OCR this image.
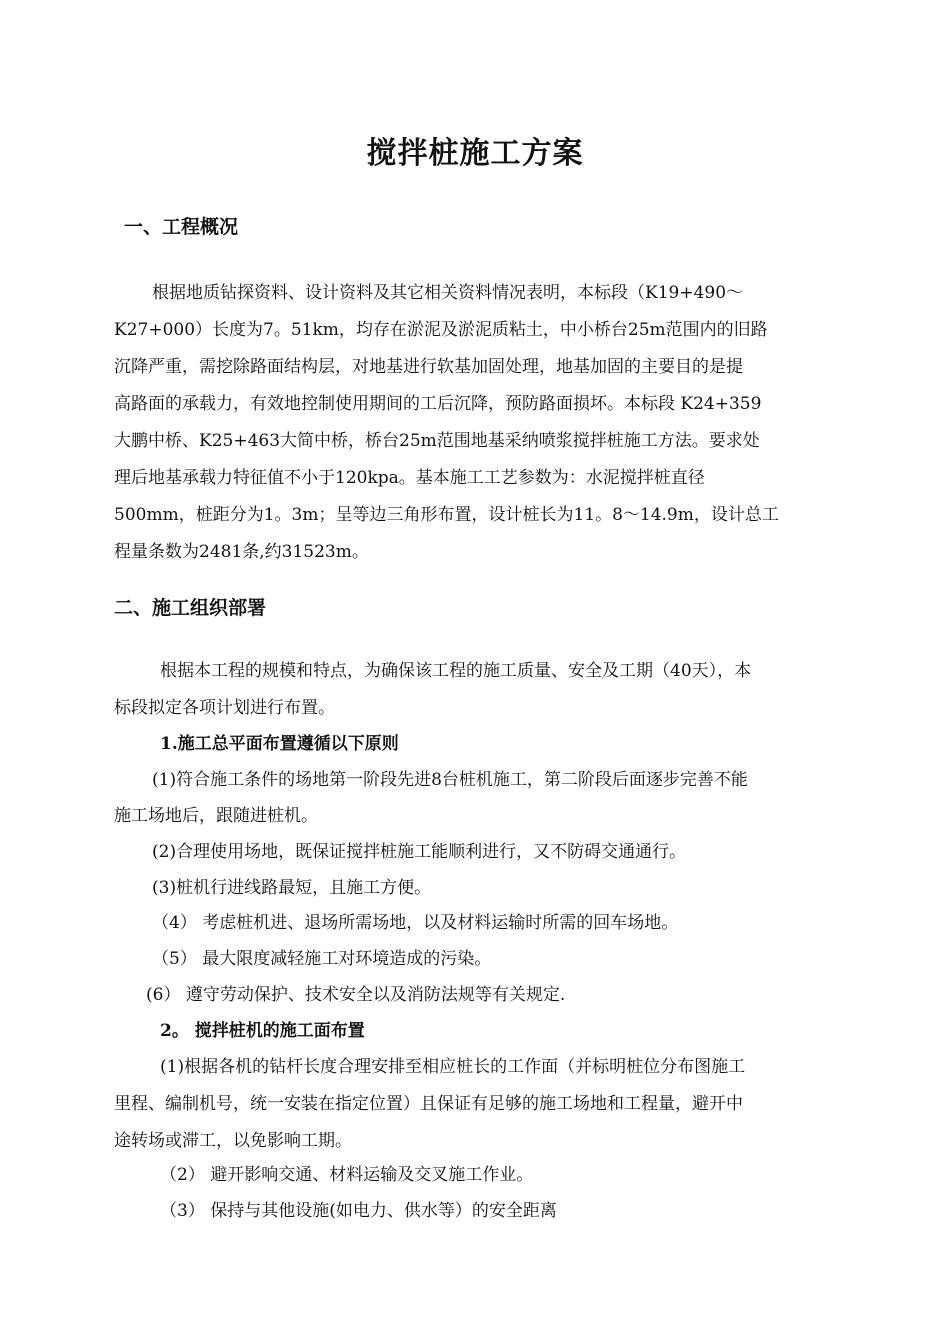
搅拌桩施工方案
一、工程概况
根据地质钻探资料、设计资料及其它相关资料情况表明，本标段（K19+490～
K27+000）长度为7。51km，均存在淤泥及淤泥质粘土，中小桥台25m范围内的旧路
沉降严重，需挖除路面结构层，对地基进行软基加固处理，地基加固的主要目的是提
高路面的承载力，有效地控制使用期间的工后沉降，预防路面损坏。本标段 K24+359
大鹏中桥、K25+463大简中桥，桥台25m范围地基采纳喷浆搅拌桩施工方法。要求处
理后地基承载力特征值不小于120kpa。基本施工工艺参数为：水泥搅拌桩直径
500mm，桩距分为1。3m；呈等边三角形布置，设计桩长为11。8～14.9m，设计总工
程量条数为2481条,约31523m。
二、施工组织部署
根据本工程的规模和特点，为确保该工程的施工质量、安全及工期（40天），本
标段拟定各项计划进行布置。
1.施工总平面布置遵循以下原则
(1)符合施工条件的场地第一阶段先进8台桩机施工，第二阶段后面逐步完善不能
施工场地后，跟随进桩机。
(2)合理使用场地，既保证搅拌桩施工能顺利进行，又不防碍交通通行。
(3)桩机行进线路最短，且施工方便。
（4） 考虑桩机进、退场所需场地，以及材料运输时所需的回车场地。
（5） 最大限度减轻施工对环境造成的污染。
(6） 遵守劳动保护、技术安全以及消防法规等有关规定.
2。 搅拌桩机的施工面布置
(1)根据各机的钻杆长度合理安排至相应桩长的工作面（并标明桩位分布图施工
里程、编制机号，统一安装在指定位置）且保证有足够的施工场地和工程量，避开中
途转场或滞工，以免影响工期。
（2） 避开影响交通、材料运输及交叉施工作业。
（3） 保持与其他设施(如电力、供水等）的安全距离
